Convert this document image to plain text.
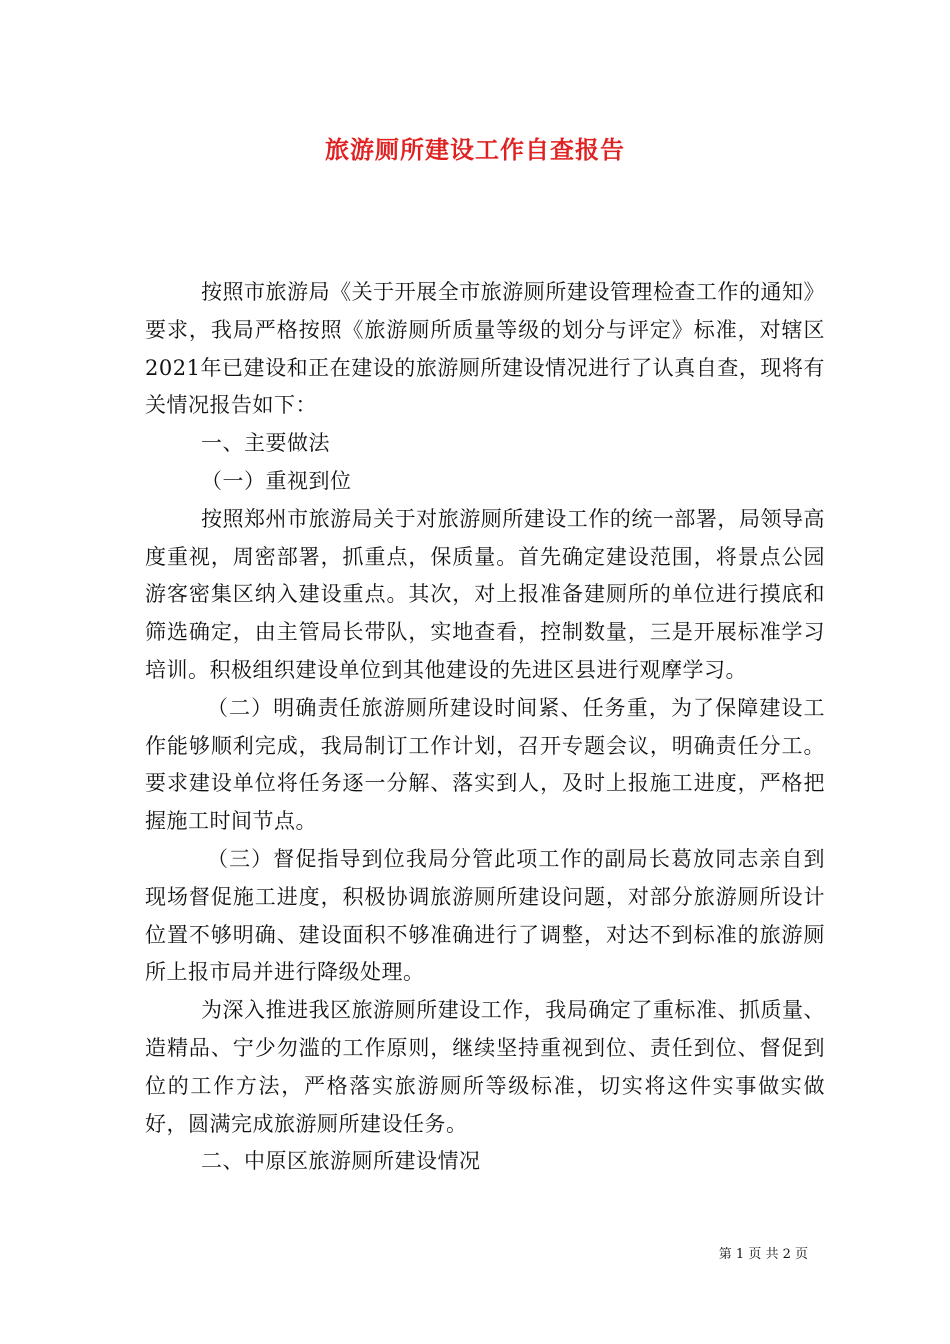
旅游厕所建设工作自查报告

按照市旅游局《关于开展全市旅游厕所建设管理检查工作的通知》要求，我局严格按照《旅游厕所质量等级的划分与评定》标准，对辖区2021年已建设和正在建设的旅游厕所建设情况进行了认真自查，现将有关情况报告如下：

一、主要做法

（一）重视到位

按照郑州市旅游局关于对旅游厕所建设工作的统一部署，局领导高度重视，周密部署，抓重点，保质量。首先确定建设范围，将景点公园游客密集区纳入建设重点。其次，对上报准备建厕所的单位进行摸底和筛选确定，由主管局长带队，实地查看，控制数量，三是开展标准学习培训。积极组织建设单位到其他建设的先进区县进行观摩学习。

（二）明确责任旅游厕所建设时间紧、任务重，为了保障建设工作能够顺利完成，我局制订工作计划，召开专题会议，明确责任分工。要求建设单位将任务逐一分解、落实到人，及时上报施工进度，严格把握施工时间节点。

（三）督促指导到位我局分管此项工作的副局长葛放同志亲自到现场督促施工进度，积极协调旅游厕所建设问题，对部分旅游厕所设计位置不够明确、建设面积不够准确进行了调整，对达不到标准的旅游厕所上报市局并进行降级处理。

为深入推进我区旅游厕所建设工作，我局确定了重标准、抓质量、造精品、宁少勿滥的工作原则，继续坚持重视到位、责任到位、督促到位的工作方法，严格落实旅游厕所等级标准，切实将这件实事做实做好，圆满完成旅游厕所建设任务。

二、中原区旅游厕所建设情况

第 1 页 共 2 页
